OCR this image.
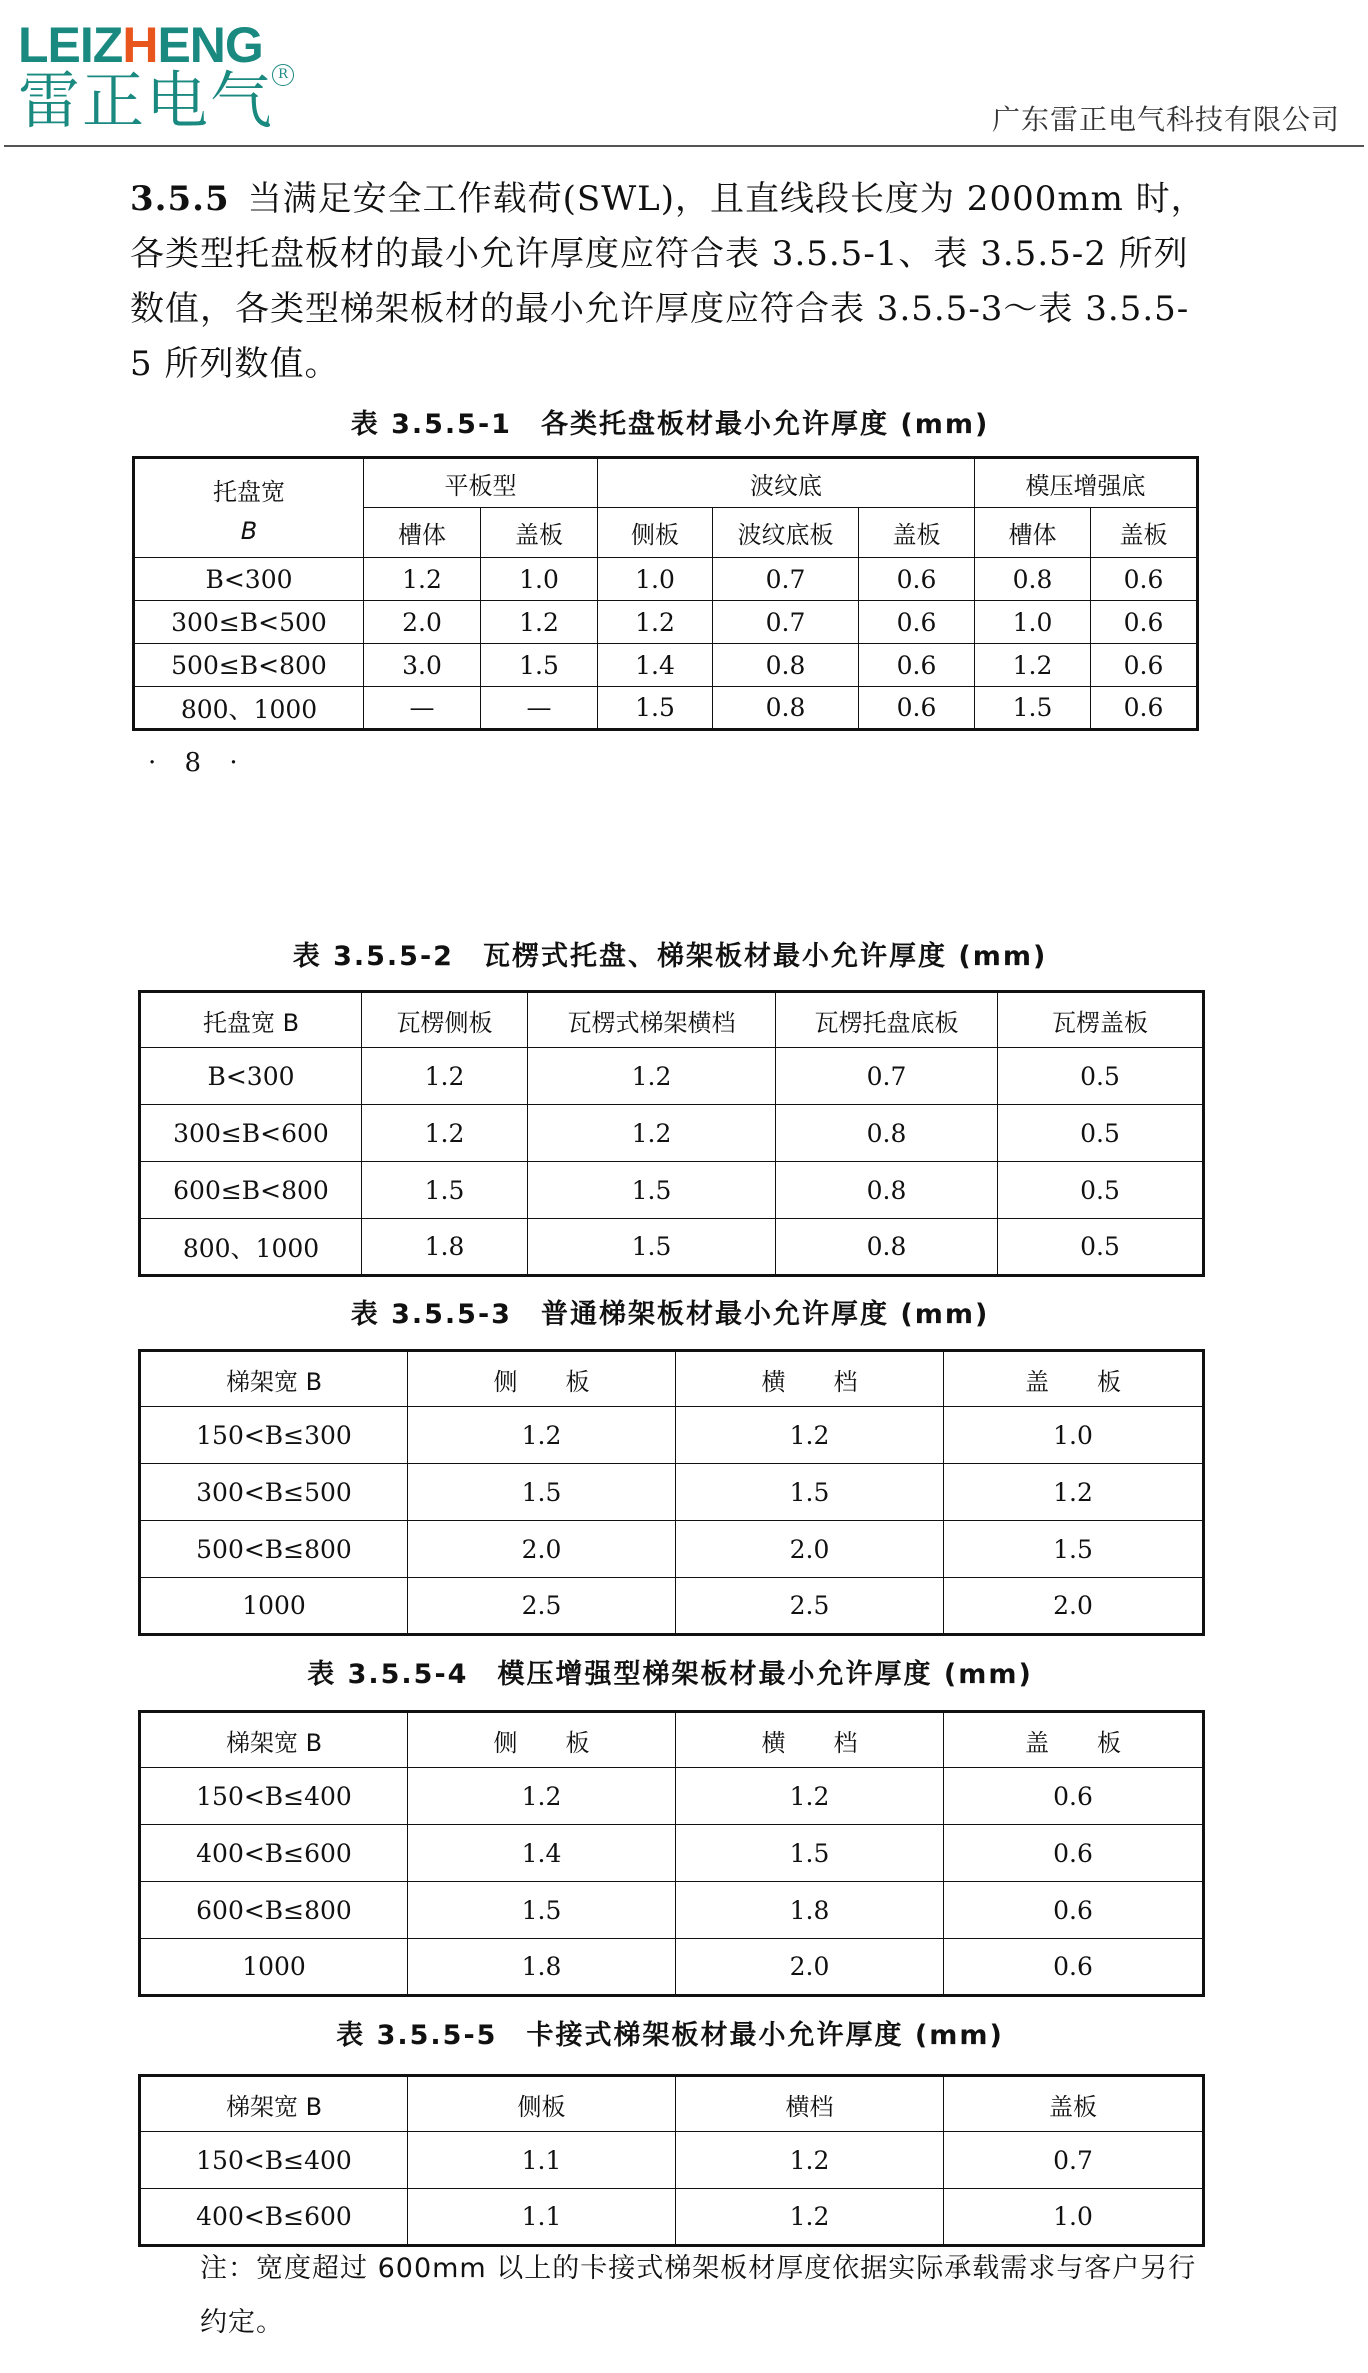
LEIZHENG
雷正电气 R
广东雷正电气科技有限公司
3.5.5 当满足安全工作载荷(SWL)，且直线段长度为 2000mm 时，各类型托盘板材的最小允许厚度应符合表 3.5.5-1、表 3.5.5-2 所列数值，各类型梯架板材的最小允许厚度应符合表 3.5.5-3～表 3.5.5-5 所列数值。
表 3.5.5-1　各类托盘板材最小允许厚度 (mm)
托盘宽
B	平板型		波纹底			模压增强底	
	槽体	盖板	侧板	波纹底板	盖板	槽体	盖板
B<300	1.2	1.0	1.0	0.7	0.6	0.8	0.6
300≤B<500	2.0	1.2	1.2	0.7	0.6	1.0	0.6
500≤B<800	3.0	1.5	1.4	0.8	0.6	1.2	0.6
800、1000	—	—	1.5	0.8	0.6	1.5	0.6
· 8 ·
表 3.5.5-2　瓦楞式托盘、梯架板材最小允许厚度 (mm)
托盘宽 B	瓦楞侧板	瓦楞式梯架横档	瓦楞托盘底板	瓦楞盖板
B<300	1.2	1.2	0.7	0.5
300≤B<600	1.2	1.2	0.8	0.5
600≤B<800	1.5	1.5	0.8	0.5
800、1000	1.8	1.5	0.8	0.5
表 3.5.5-3　普通梯架板材最小允许厚度 (mm)
梯架宽 B	侧　　板	横　　档	盖　　板
150<B≤300	1.2	1.2	1.0
300<B≤500	1.5	1.5	1.2
500<B≤800	2.0	2.0	1.5
1000	2.5	2.5	2.0
表 3.5.5-4　模压增强型梯架板材最小允许厚度 (mm)
梯架宽 B	侧　　板	横　　档	盖　　板
150<B≤400	1.2	1.2	0.6
400<B≤600	1.4	1.5	0.6
600<B≤800	1.5	1.8	0.6
1000	1.8	2.0	0.6
表 3.5.5-5　卡接式梯架板材最小允许厚度 (mm)
梯架宽 B	侧板	横档	盖板
150<B≤400	1.1	1.2	0.7
400<B≤600	1.1	1.2	1.0
注：宽度超过 600mm 以上的卡接式梯架板材厚度依据实际承载需求与客户另行约定。
